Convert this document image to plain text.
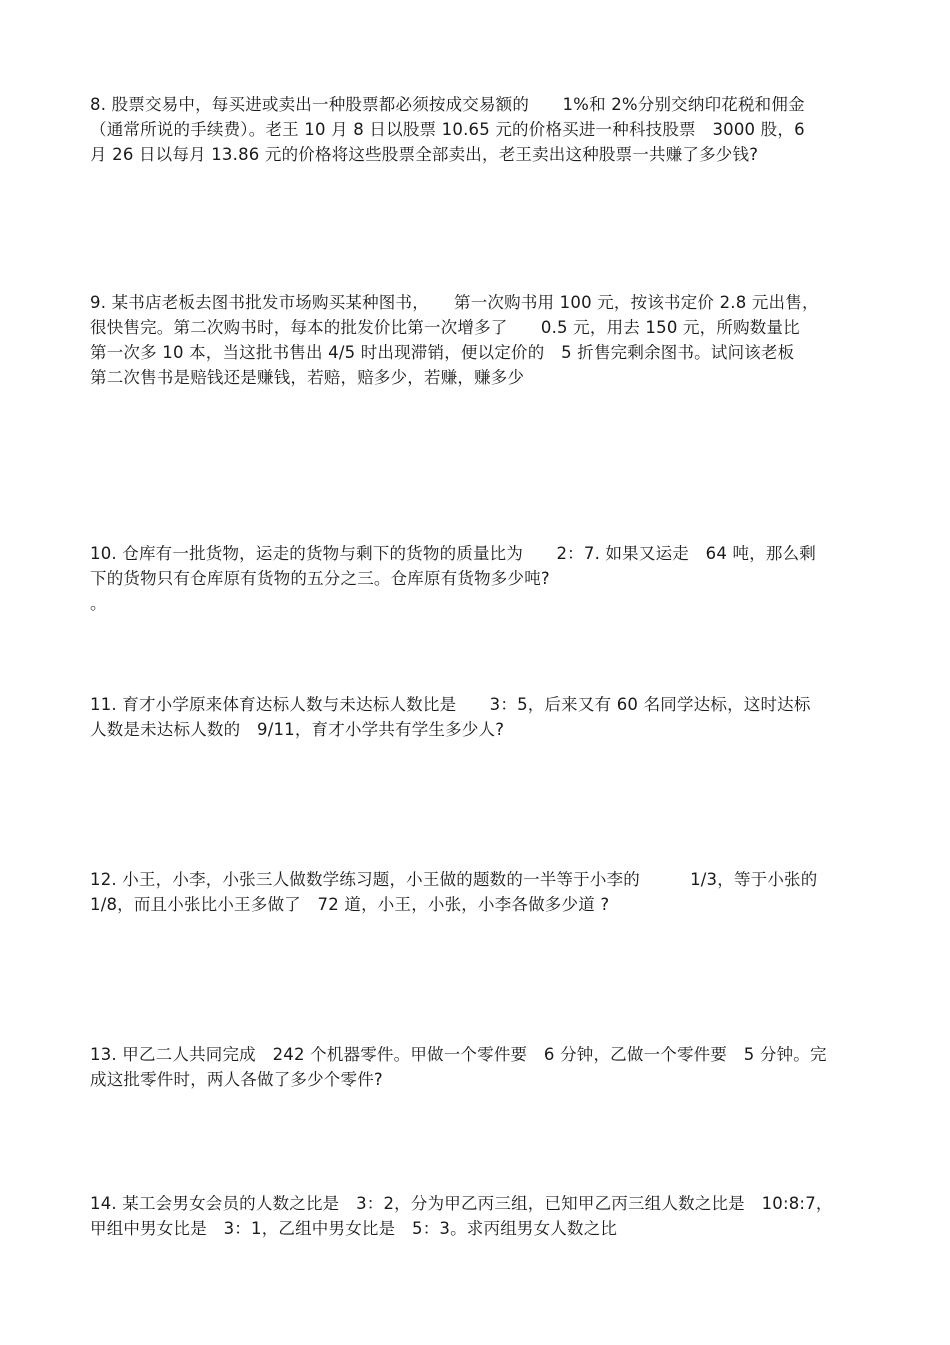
8. 股票交易中，每买进或卖出一种股票都必须按成交易额的　　1%和 2%分别交纳印花税和佣金
（通常所说的手续费）。老王 10 月 8 日以股票 10.65 元的价格买进一种科技股票　3000 股，6
月 26 日以每月 13.86 元的价格将这些股票全部卖出，老王卖出这种股票一共赚了多少钱?
9. 某书店老板去图书批发市场购买某种图书，　　第一次购书用 100 元，按该书定价 2.8 元出售，
很快售完。第二次购书时，每本的批发价比第一次增多了　　0.5 元，用去 150 元，所购数量比
第一次多 10 本，当这批书售出 4/5 时出现滞销，便以定价的　5 折售完剩余图书。试问该老板
第二次售书是赔钱还是赚钱，若赔，赔多少，若赚，赚多少
10. 仓库有一批货物，运走的货物与剩下的货物的质量比为　　2：7. 如果又运走　64 吨，那么剩
下的货物只有仓库原有货物的五分之三。仓库原有货物多少吨?
。
11. 育才小学原来体育达标人数与未达标人数比是　　3：5，后来又有 60 名同学达标，这时达标
人数是未达标人数的　9/11，育才小学共有学生多少人?
12. 小王，小李，小张三人做数学练习题，小王做的题数的一半等于小李的　　　1/3，等于小张的
1/8，而且小张比小王多做了　72 道，小王，小张，小李各做多少道 ?
13. 甲乙二人共同完成　242 个机器零件。甲做一个零件要　6 分钟，乙做一个零件要　5 分钟。完
成这批零件时，两人各做了多少个零件?
14. 某工会男女会员的人数之比是　3：2，分为甲乙丙三组，已知甲乙丙三组人数之比是　10:8:7，
甲组中男女比是　3：1，乙组中男女比是　5：3。求丙组男女人数之比
